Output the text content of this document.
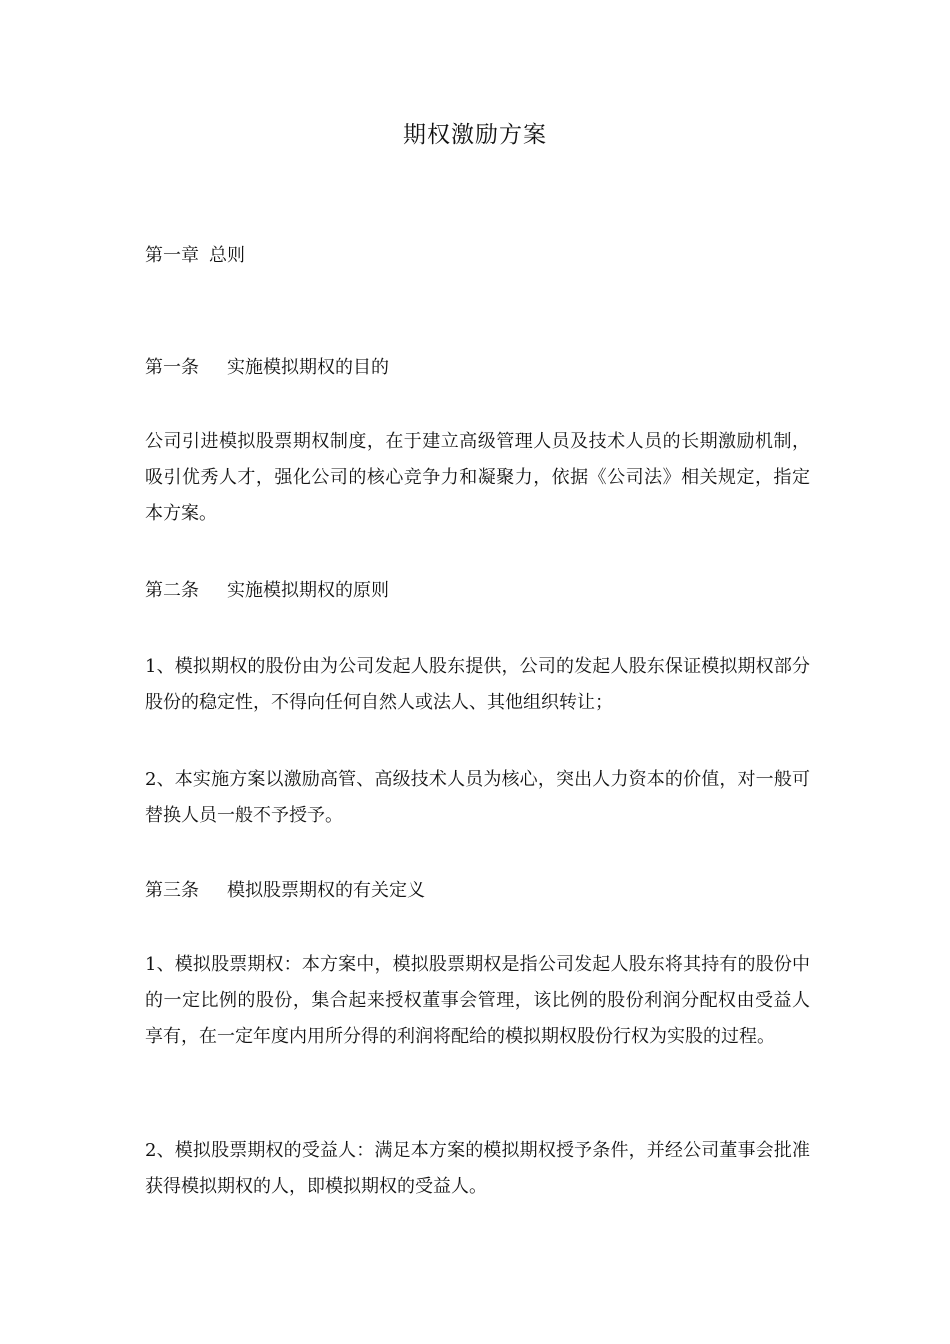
期权激励方案
第一章 总则
第一条 实施模拟期权的目的
公司引进模拟股票期权制度，在于建立高级管理人员及技术人员的长期激励机制，吸引优秀人才，强化公司的核心竞争力和凝聚力，依据《公司法》相关规定，指定本方案。
第二条 实施模拟期权的原则
1、模拟期权的股份由为公司发起人股东提供，公司的发起人股东保证模拟期权部分股份的稳定性，不得向任何自然人或法人、其他组织转让；
2、本实施方案以激励高管、高级技术人员为核心，突出人力资本的价值，对一般可替换人员一般不予授予。
第三条 模拟股票期权的有关定义
1、模拟股票期权：本方案中，模拟股票期权是指公司发起人股东将其持有的股份中的一定比例的股份，集合起来授权董事会管理，该比例的股份利润分配权由受益人享有，在一定年度内用所分得的利润将配给的模拟期权股份行权为实股的过程。
2、模拟股票期权的受益人：满足本方案的模拟期权授予条件，并经公司董事会批准获得模拟期权的人，即模拟期权的受益人。
